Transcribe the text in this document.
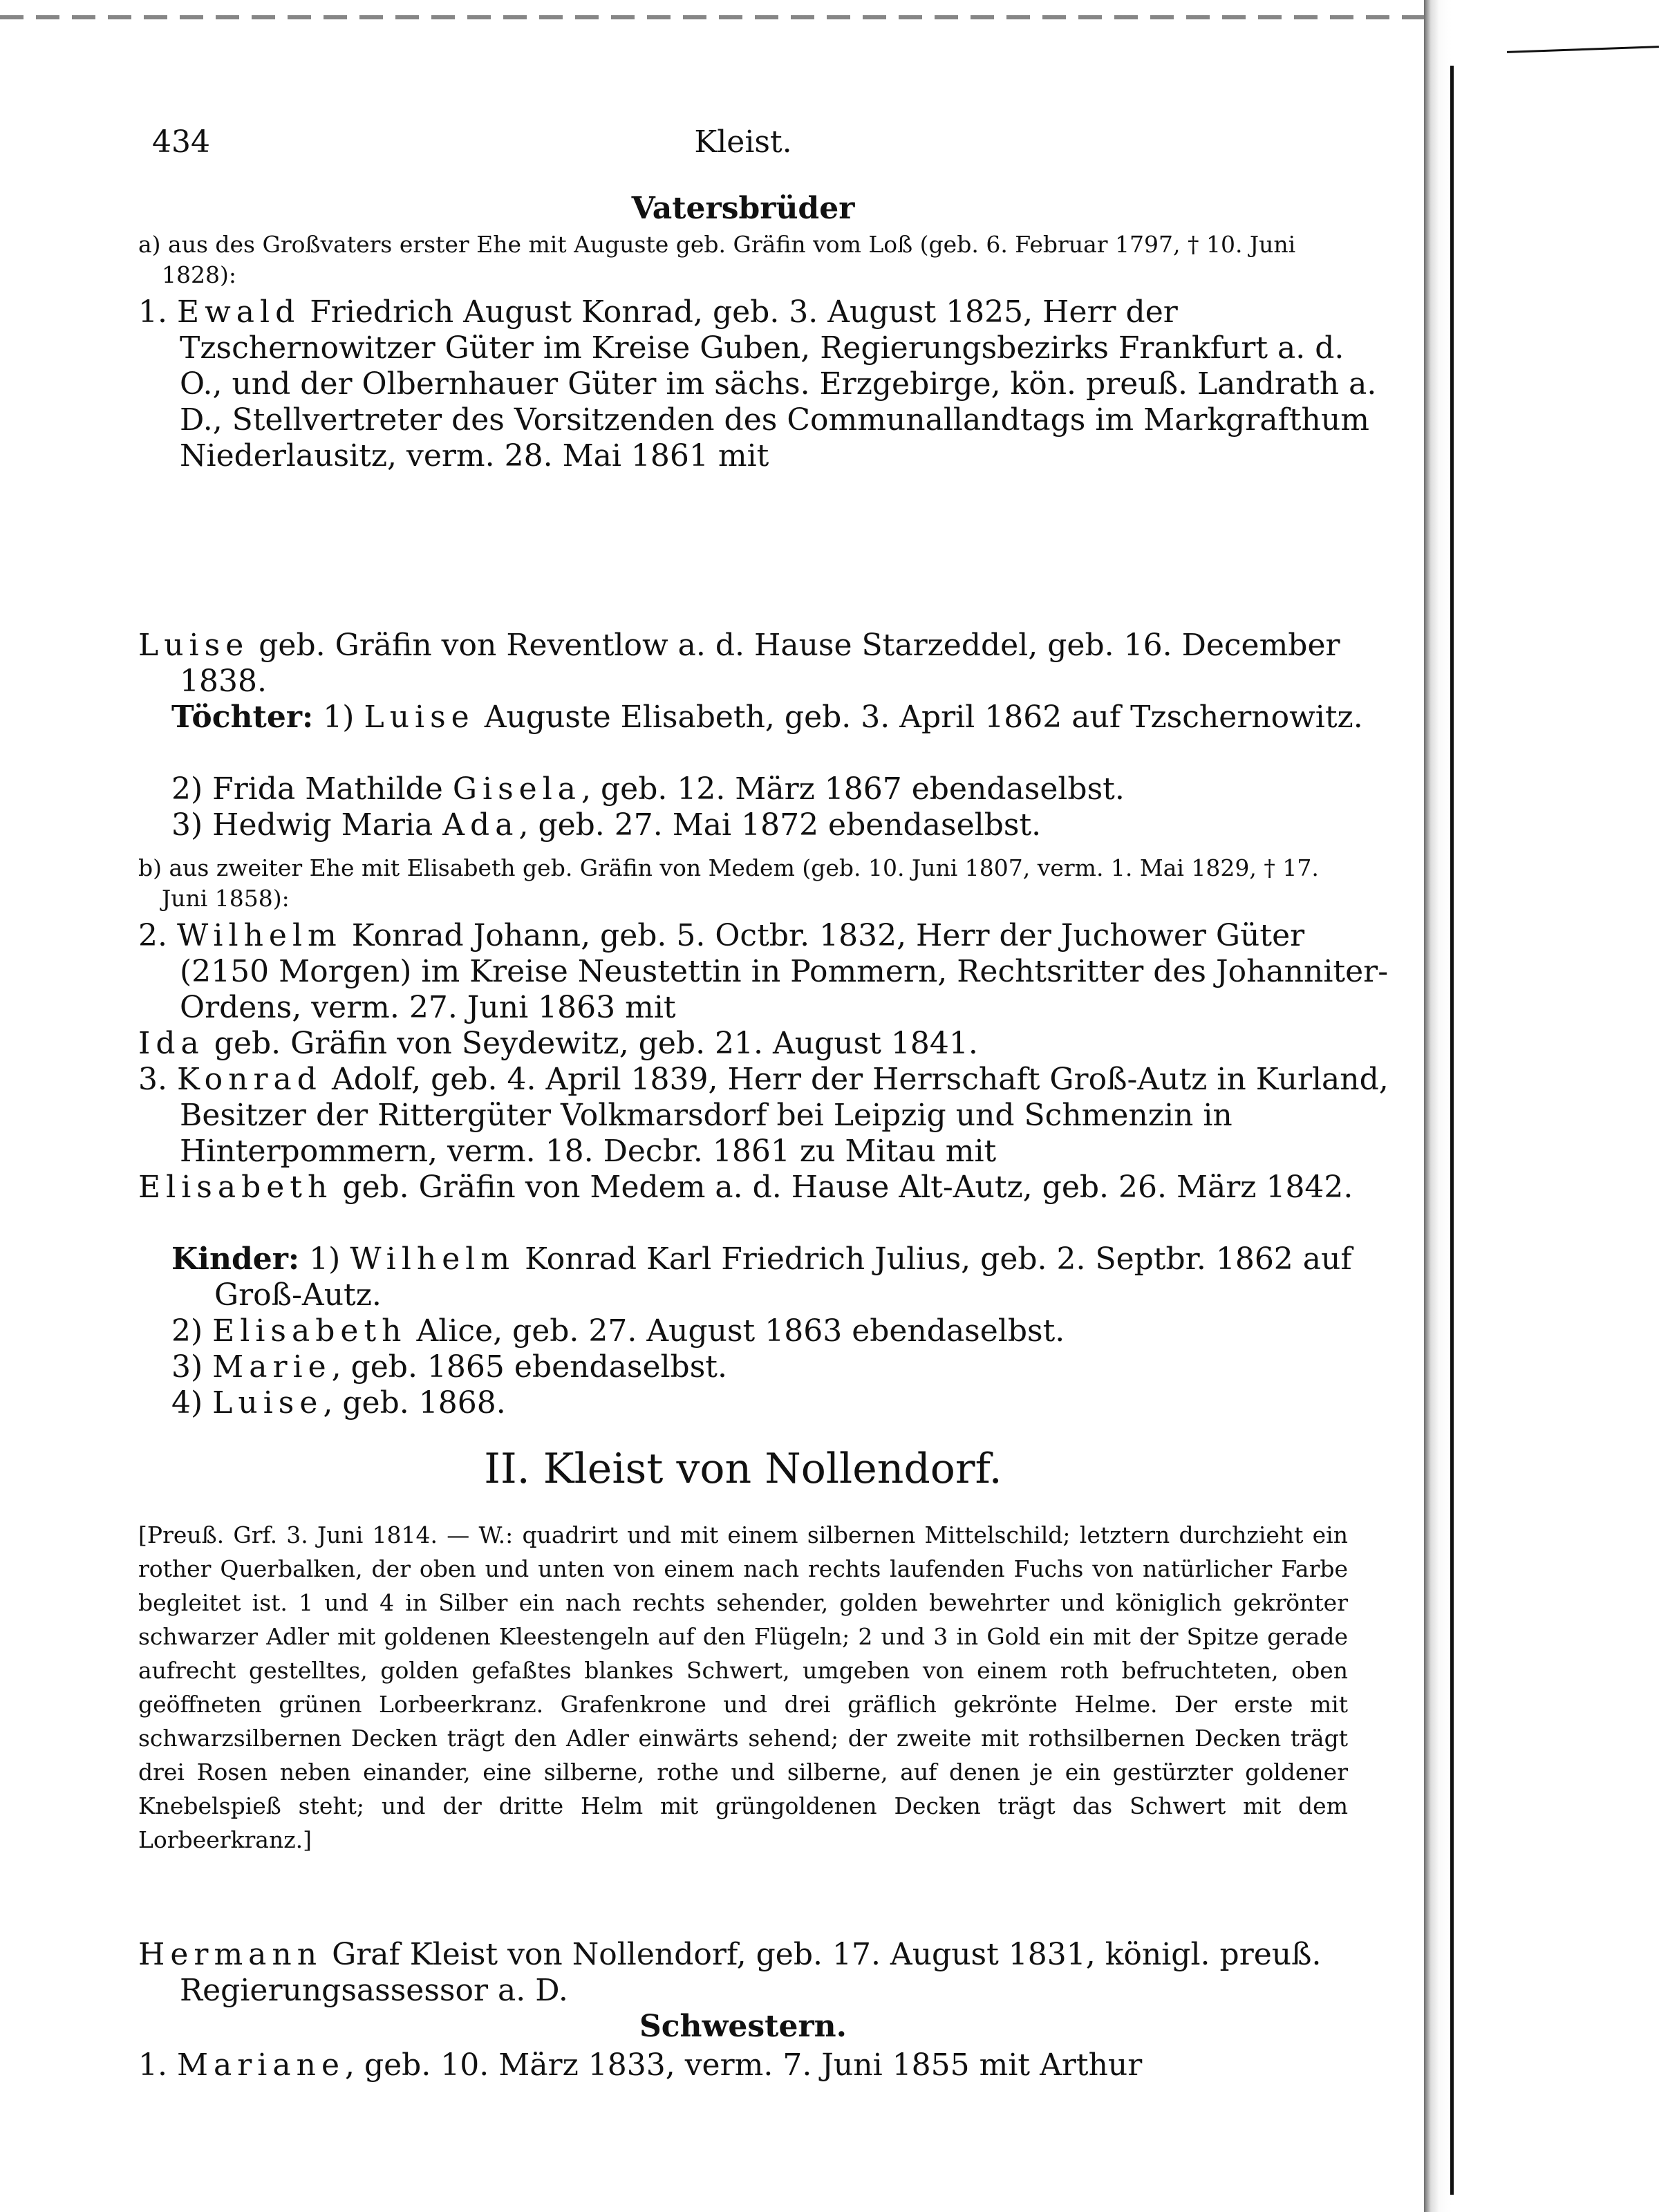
434	Kleist.
Vatersbrüder
a) aus des Großvaters erster Ehe mit Auguste geb. Gräfin vom Loß (geb. 6. Februar 1797, † 10. Juni 1828):
1. Ewald Friedrich August Konrad, geb. 3. August 1825, Herr der Tzschernowitzer Güter im Kreise Guben, Regierungsbezirks Frankfurt a. d. O., und der Olbernhauer Güter im sächs. Erzgebirge, kön. preuß. Landrath a. D., Stellvertreter des Vorsitzenden des Communallandtags im Markgrafthum Niederlausitz, verm. 28. Mai 1861 mit
Luise geb. Gräfin von Reventlow a. d. Hause Starzeddel, geb. 16. December 1838.
Töchter: 1) Luise Auguste Elisabeth, geb. 3. April 1862 auf Tzschernowitz.
2) Frida Mathilde Gisela, geb. 12. März 1867 ebendaselbst.
3) Hedwig Maria Ada, geb. 27. Mai 1872 ebendaselbst.
b) aus zweiter Ehe mit Elisabeth geb. Gräfin von Medem (geb. 10. Juni 1807, verm. 1. Mai 1829, † 17. Juni 1858):
2. Wilhelm Konrad Johann, geb. 5. Octbr. 1832, Herr der Juchower Güter (2150 Morgen) im Kreise Neustettin in Pommern, Rechtsritter des Johanniter-Ordens, verm. 27. Juni 1863 mit
Ida geb. Gräfin von Seydewitz, geb. 21. August 1841.
3. Konrad Adolf, geb. 4. April 1839, Herr der Herrschaft Groß-Autz in Kurland, Besitzer der Rittergüter Volkmarsdorf bei Leipzig und Schmenzin in Hinterpommern, verm. 18. Decbr. 1861 zu Mitau mit
Elisabeth geb. Gräfin von Medem a. d. Hause Alt-Autz, geb. 26. März 1842.
Kinder: 1) Wilhelm Konrad Karl Friedrich Julius, geb. 2. Septbr. 1862 auf Groß-Autz.
2) Elisabeth Alice, geb. 27. August 1863 ebendaselbst.
3) Marie, geb. 1865 ebendaselbst.
4) Luise, geb. 1868.
II. Kleist von Nollendorf.
[Preuß. Grf. 3. Juni 1814. — W.: quadrirt und mit einem silbernen Mittelschild; letztern durchzieht ein rother Querbalken, der oben und unten von einem nach rechts laufenden Fuchs von natürlicher Farbe begleitet ist. 1 und 4 in Silber ein nach rechts sehender, golden bewehrter und königlich gekrönter schwarzer Adler mit goldenen Kleestengeln auf den Flügeln; 2 und 3 in Gold ein mit der Spitze gerade aufrecht gestelltes, golden gefaßtes blankes Schwert, umgeben von einem roth befruchteten, oben geöffneten grünen Lorbeerkranz. Grafenkrone und drei gräflich gekrönte Helme. Der erste mit schwarzsilbernen Decken trägt den Adler einwärts sehend; der zweite mit rothsilbernen Decken trägt drei Rosen neben einander, eine silberne, rothe und silberne, auf denen je ein gestürzter goldener Knebelspieß steht; und der dritte Helm mit grüngoldenen Decken trägt das Schwert mit dem Lorbeerkranz.]
Hermann Graf Kleist von Nollendorf, geb. 17. August 1831, königl. preuß. Regierungsassessor a. D.
Schwestern.
1. Mariane, geb. 10. März 1833, verm. 7. Juni 1855 mit Arthur
